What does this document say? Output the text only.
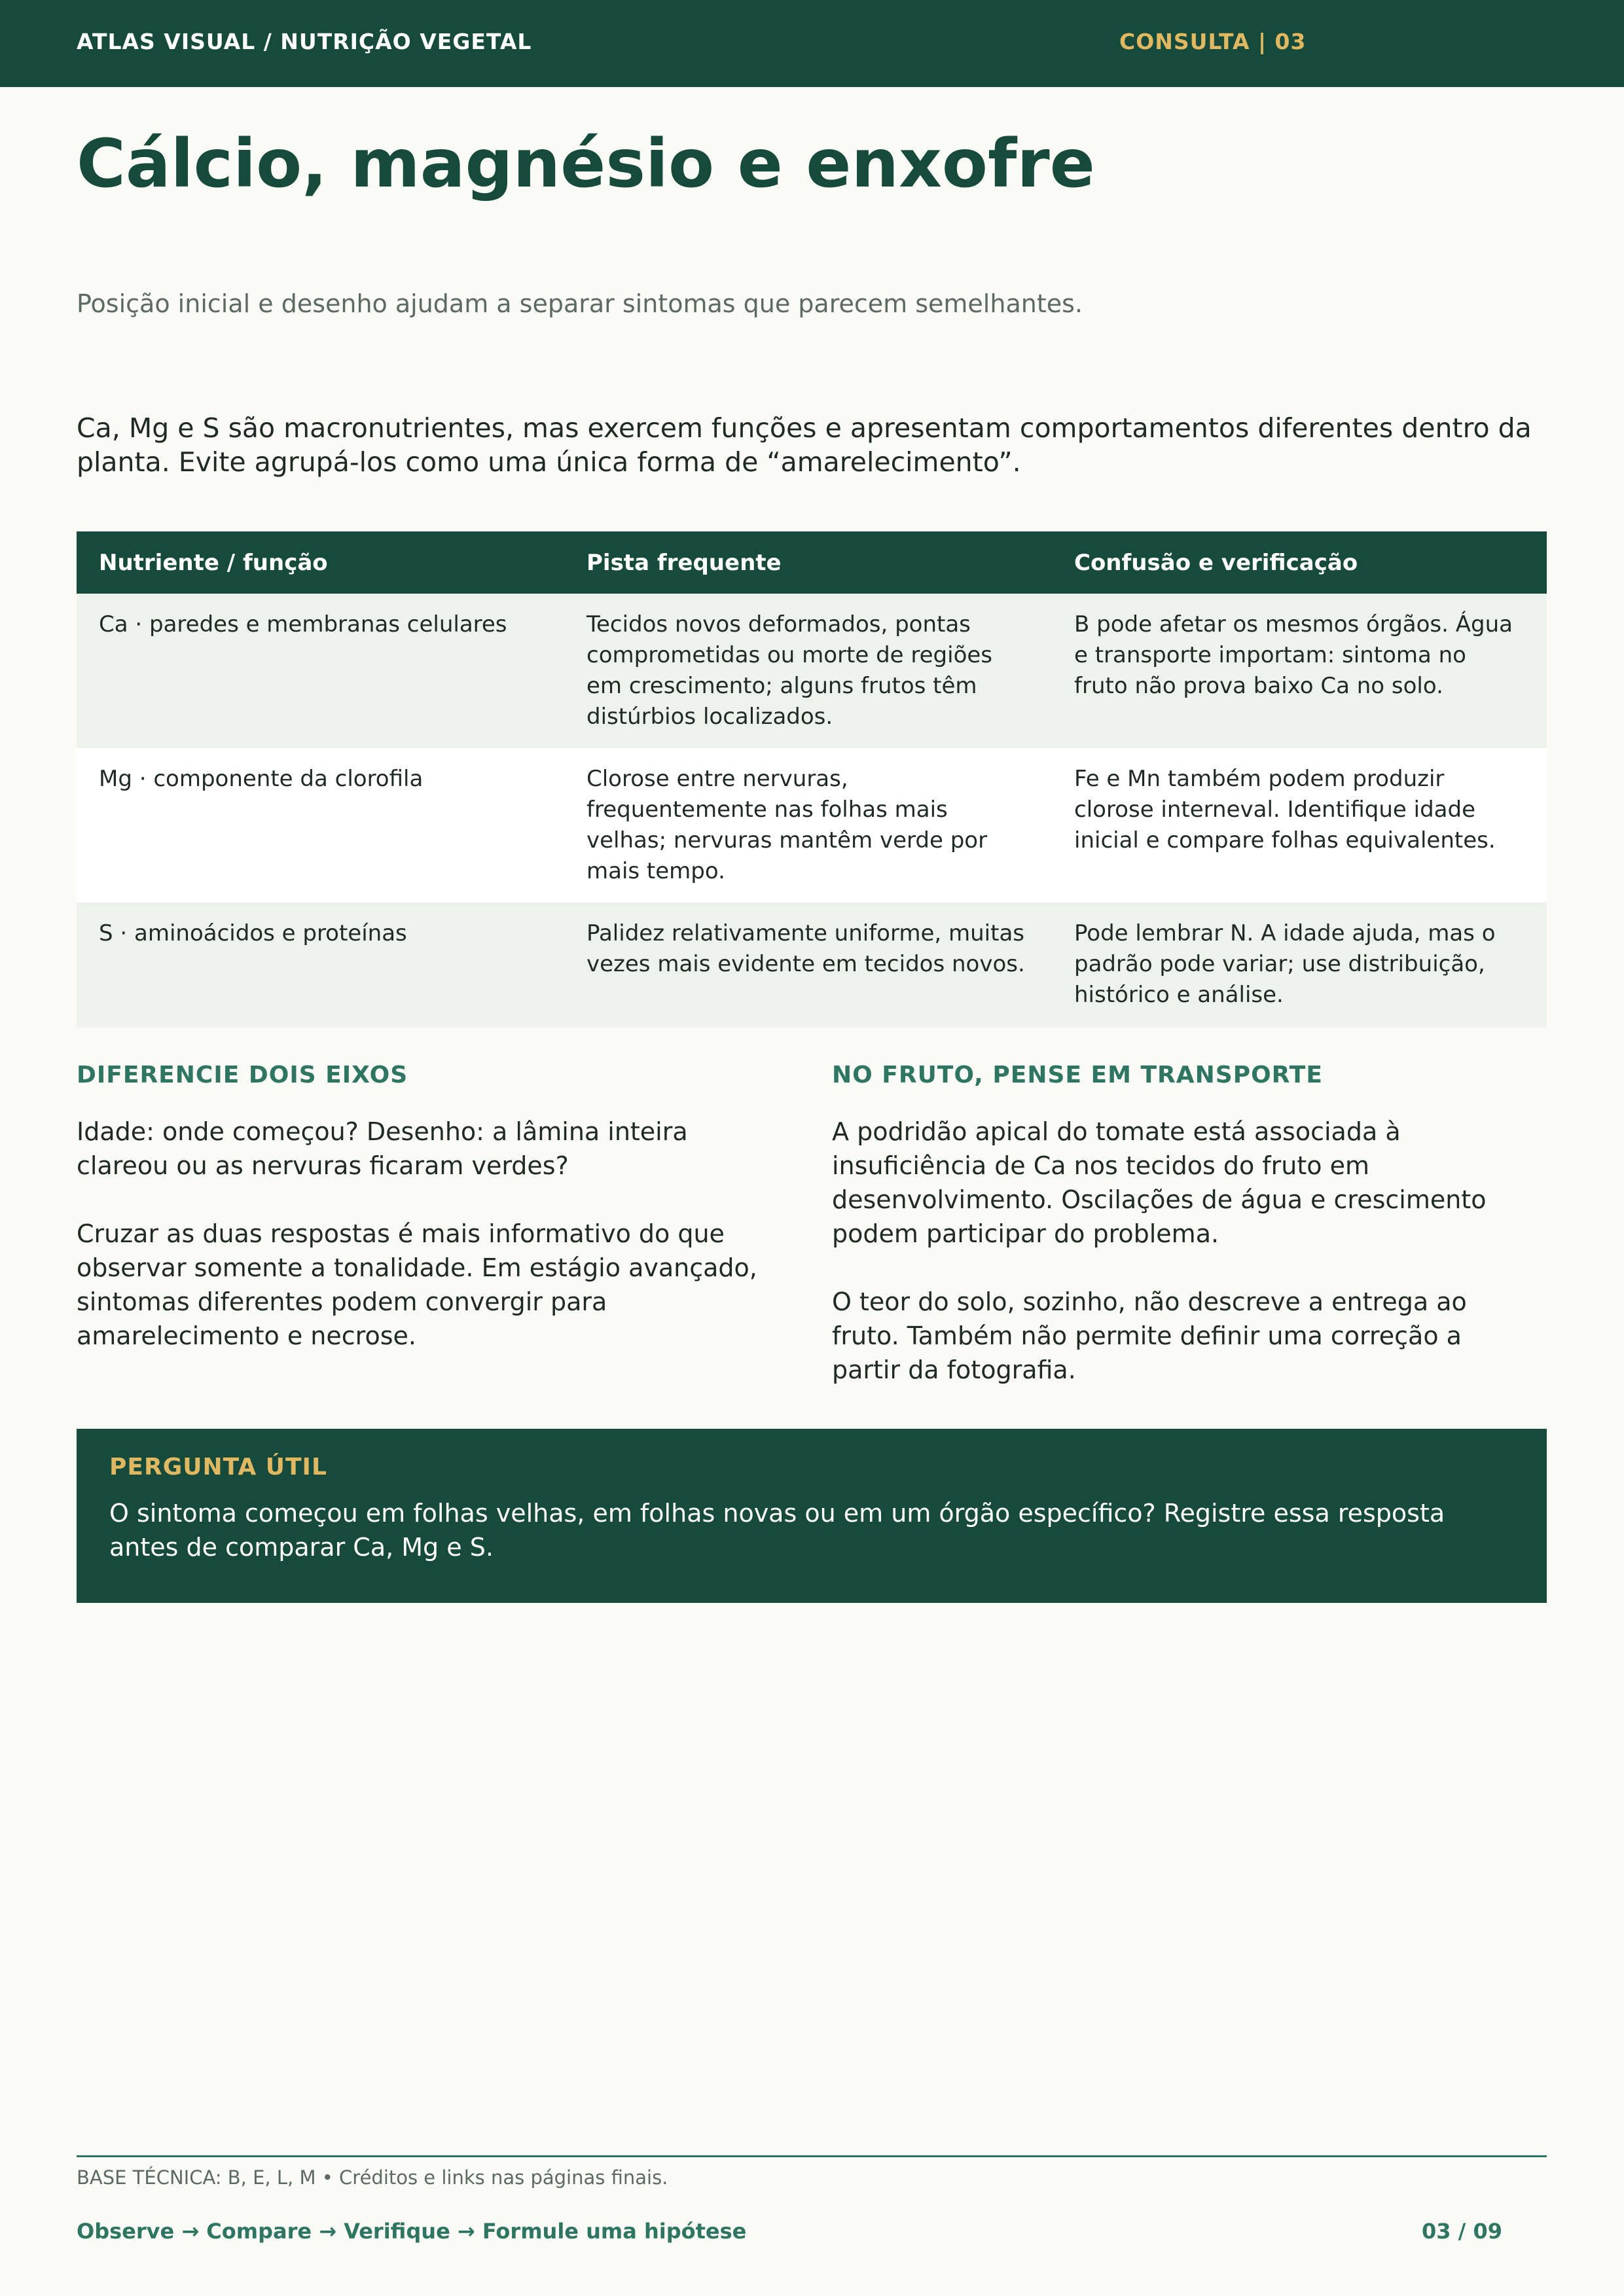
ATLAS VISUAL / NUTRIÇÃO VEGETAL	CONSULTA | 03
Cálcio, magnésio e enxofre
Posição inicial e desenho ajudam a separar sintomas que parecem semelhantes.

Ca, Mg e S são macronutrientes, mas exercem funções e apresentam comportamentos diferentes dentro da planta. Evite agrupá-los como uma única forma de “amarelecimento”.

Nutriente / função	Pista frequente	Confusão e verificação
Ca · paredes e membranas celulares	Tecidos novos deformados, pontas comprometidas ou morte de regiões em crescimento; alguns frutos têm distúrbios localizados.	B pode afetar os mesmos órgãos. Água e transporte importam: sintoma no fruto não prova baixo Ca no solo.
Mg · componente da clorofila	Clorose entre nervuras, frequentemente nas folhas mais velhas; nervuras mantêm verde por mais tempo.	Fe e Mn também podem produzir clorose interneval. Identifique idade inicial e compare folhas equivalentes.
S · aminoácidos e proteínas	Palidez relativamente uniforme, muitas vezes mais evidente em tecidos novos.	Pode lembrar N. A idade ajuda, mas o padrão pode variar; use distribuição, histórico e análise.
DIFERENCIE DOIS EIXOS

Idade: onde começou? Desenho: a lâmina inteira clareou ou as nervuras ficaram verdes?

Cruzar as duas respostas é mais informativo do que observar somente a tonalidade. Em estágio avançado, sintomas diferentes podem convergir para amarelecimento e necrose.

NO FRUTO, PENSE EM TRANSPORTE

A podridão apical do tomate está associada à insuficiência de Ca nos tecidos do fruto em desenvolvimento. Oscilações de água e crescimento podem participar do problema.

O teor do solo, sozinho, não descreve a entrega ao fruto. Também não permite definir uma correção a partir da fotografia.

PERGUNTA ÚTIL
O sintoma começou em folhas velhas, em folhas novas ou em um órgão específico? Registre essa resposta antes de comparar Ca, Mg e S.
BASE TÉCNICA: B, E, L, M • Créditos e links nas páginas finais.
Observe → Compare → Verifique → Formule uma hipótese	03 / 09
